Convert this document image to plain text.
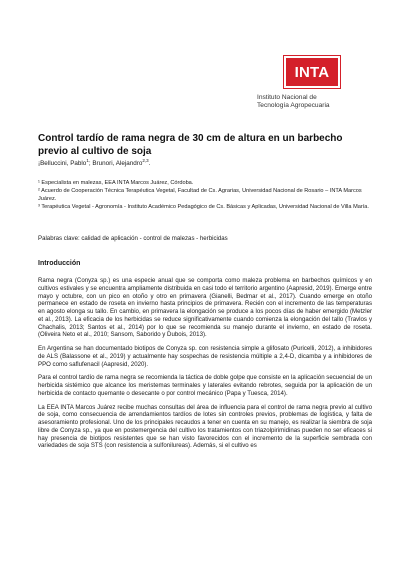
INTA
Instituto Nacional de
Tecnología Agropecuaria
Control tardío de rama negra de 30 cm de altura en un barbecho previo al cultivo de soja
¡Belluccini, Pablo$^1$; Brunori, Alejandro$^{2,3}$.

¹ Especialista en malezas, EEA INTA Marcos Juárez, Córdoba.

² Acuerdo de Cooperación Técnica Terapéutica Vegetal, Facultad de Cs. Agrarias, Universidad Nacional de Rosario – INTA Marcos Juárez.

³ Terapéutica Vegetal - Agronomía - Instituto Académico Pedagógico de Cs. Básicas y Aplicadas, Universidad Nacional de Villa María.

Palabras clave: calidad de aplicación - control de malezas - herbicidas
Introducción

Rama negra (Conyza sp.) es una especie anual que se comporta como maleza problema en barbechos químicos y en cultivos estivales y se encuentra ampliamente distribuida en casi todo el territorio argentino (Aapresid, 2019). Emerge entre mayo y octubre, con un pico en otoño y otro en primavera (Gianelli, Bedmar et al., 2017). Cuando emerge en otoño permanece en estado de roseta en invierno hasta principios de primavera. Recién con el incremento de las temperaturas en agosto elonga su tallo. En cambio, en primavera la elongación se produce a los pocos días de haber emergido (Metzler et al., 2013). La eficacia de los herbicidas se reduce significativamente cuando comienza la elongación del tallo (Travlos y Chachalis, 2013; Santos et al., 2014) por lo que se recomienda su manejo durante el invierno, en estado de roseta. (Oliveira Neto et al., 2010; Sansom, Saborido y Dubois, 2013).

En Argentina se han documentado biotipos de Conyza sp. con resistencia simple a glifosato (Puricelli, 2012), a inhibidores de ALS (Balassone et al., 2019) y actualmente hay sospechas de resistencia múltiple a 2,4-D, dicamba y a inhibidores de PPO como saflufenacil (Aapresid, 2020).

Para el control tardío de rama negra se recomienda la táctica de doble golpe que consiste en la aplicación secuencial de un herbicida sistémico que alcance los meristemas terminales y laterales evitando rebrotes, seguida por la aplicación de un herbicida de contacto quemante o desecante o por control mecánico (Papa y Tuesca, 2014).

La EEA INTA Marcos Juárez recibe muchas consultas del área de influencia para el control de rama negra previo al cultivo de soja, como consecuencia de arrendamientos tardíos de lotes sin controles previos, problemas de logística, y falta de asesoramiento profesional. Uno de los principales recaudos a tener en cuenta en su manejo, es realizar la siembra de soja libre de Conyza sp., ya que en postemergencia del cultivo los tratamientos con triazolpirimidinas pueden no ser eficaces si hay presencia de biotipos resistentes que se han visto favorecidos con el incremento de la superficie sembrada con variedades de soja STS (con resistencia a sulfonilureas). Además, si el cultivo es
